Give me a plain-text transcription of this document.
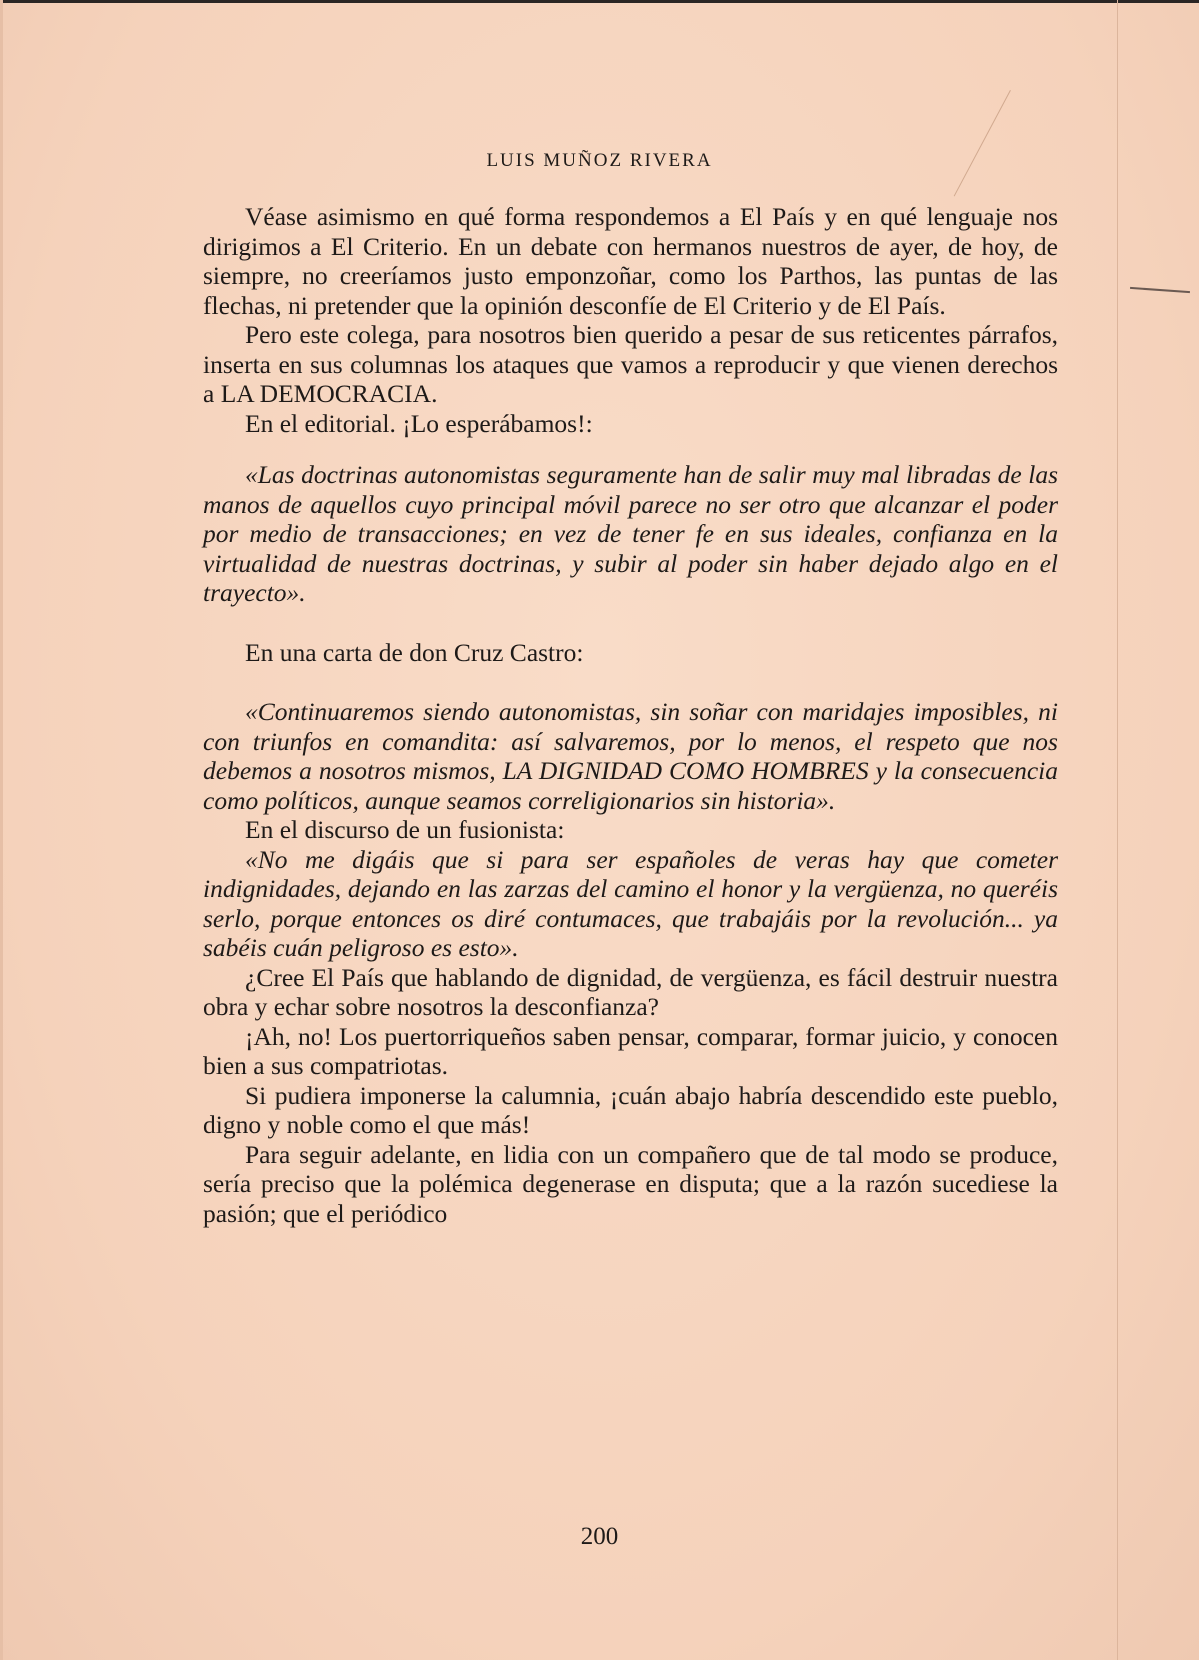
LUIS MUÑOZ RIVERA

Véase asimismo en qué forma respondemos a El País y en qué lenguaje nos dirigimos a El Criterio. En un debate con hermanos nuestros de ayer, de hoy, de siempre, no creeríamos justo emponzoñar, como los Parthos, las puntas de las flechas, ni pretender que la opinión desconfíe de El Criterio y de El País.

Pero este colega, para nosotros bien querido a pesar de sus reticentes párrafos, inserta en sus columnas los ataques que vamos a reproducir y que vienen derechos a LA DEMOCRACIA.

En el editorial. ¡Lo esperábamos!:

«Las doctrinas autonomistas seguramente han de salir muy mal libradas de las manos de aquellos cuyo principal móvil parece no ser otro que alcanzar el poder por medio de transacciones; en vez de tener fe en sus ideales, confianza en la virtualidad de nuestras doctrinas, y subir al poder sin haber dejado algo en el trayecto».

En una carta de don Cruz Castro:

«Continuaremos siendo autonomistas, sin soñar con maridajes imposibles, ni con triunfos en comandita: así salvaremos, por lo menos, el respeto que nos debemos a nosotros mismos, LA DIGNIDAD COMO HOMBRES y la consecuencia como políticos, aunque seamos correligionarios sin historia».

En el discurso de un fusionista:

«No me digáis que si para ser españoles de veras hay que cometer indignidades, dejando en las zarzas del camino el honor y la vergüenza, no queréis serlo, porque entonces os diré contumaces, que trabajáis por la revolución... ya sabéis cuán peligroso es esto».

¿Cree El País que hablando de dignidad, de vergüenza, es fácil destruir nuestra obra y echar sobre nosotros la desconfianza?

¡Ah, no! Los puertorriqueños saben pensar, comparar, formar juicio, y conocen bien a sus compatriotas.

Si pudiera imponerse la calumnia, ¡cuán abajo habría descendido este pueblo, digno y noble como el que más!

Para seguir adelante, en lidia con un compañero que de tal modo se produce, sería preciso que la polémica degenerase en disputa; que a la razón sucediese la pasión; que el periódico

200
